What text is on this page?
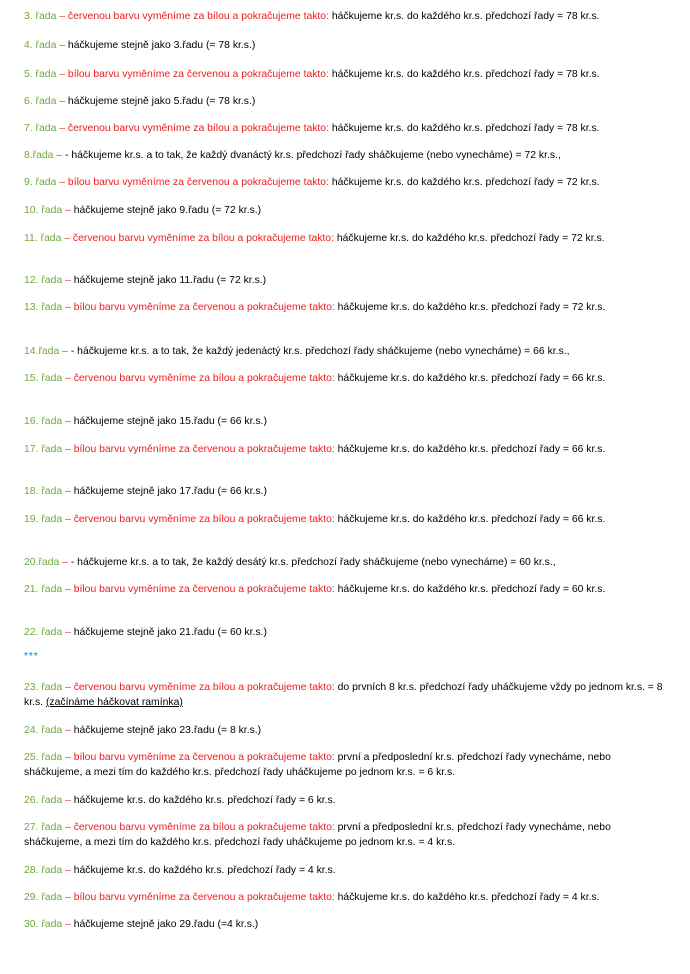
3. řada – červenou barvu vyměníme za bílou a pokračujeme takto: háčkujeme kr.s. do každého kr.s. předchozí řady = 78 kr.s.

4. řada – háčkujeme stejně jako 3.řadu (= 78 kr.s.)

5. řada – bílou barvu vyměníme za červenou a pokračujeme takto: háčkujeme kr.s. do každého kr.s. předchozí řady = 78 kr.s.

6. řada – háčkujeme stejně jako 5.řadu (= 78 kr.s.)

7. řada – červenou barvu vyměníme za bílou a pokračujeme takto: háčkujeme kr.s. do každého kr.s. předchozí řady = 78 kr.s.

8.řada – - háčkujeme kr.s. a to tak, že každý dvanáctý kr.s. předchozí řady sháčkujeme (nebo vynecháme) = 72 kr.s.,

9. řada – bílou barvu vyměníme za červenou a pokračujeme takto: háčkujeme kr.s. do každého kr.s. předchozí řady = 72 kr.s.

10. řada – háčkujeme stejně jako 9.řadu (= 72 kr.s.)

11. řada – červenou barvu vyměníme za bílou a pokračujeme takto: háčkujeme kr.s. do každého kr.s. předchozí řady = 72 kr.s.

12. řada – háčkujeme stejně jako 11.řadu (= 72 kr.s.)

13. řada – bílou barvu vyměníme za červenou a pokračujeme takto: háčkujeme kr.s. do každého kr.s. předchozí řady = 72 kr.s.

14.řada – - háčkujeme kr.s. a to tak, že každý jedenáctý kr.s. předchozí řady sháčkujeme (nebo vynecháme) = 66 kr.s.,

15. řada – červenou barvu vyměníme za bílou a pokračujeme takto: háčkujeme kr.s. do každého kr.s. předchozí řady = 66 kr.s.

16. řada – háčkujeme stejně jako 15.řadu (= 66 kr.s.)

17. řada – bílou barvu vyměníme za červenou a pokračujeme takto: háčkujeme kr.s. do každého kr.s. předchozí řady = 66 kr.s.

18. řada – háčkujeme stejně jako 17.řadu (= 66 kr.s.)

19. řada – červenou barvu vyměníme za bílou a pokračujeme takto: háčkujeme kr.s. do každého kr.s. předchozí řady = 66 kr.s.

20.řada – - háčkujeme kr.s. a to tak, že každý desátý kr.s. předchozí řady sháčkujeme (nebo vynecháme) = 60 kr.s.,

21. řada – bílou barvu vyměníme za červenou a pokračujeme takto: háčkujeme kr.s. do každého kr.s. předchozí řady = 60 kr.s.

22. řada – háčkujeme stejně jako 21.řadu (= 60 kr.s.)

***

23. řada – červenou barvu vyměníme za bílou a pokračujeme takto: do prvních 8 kr.s. předchozí řady uháčkujeme vždy po jednom kr.s. = 8 kr.s. (začínáme háčkovat ramínka)

24. řada – háčkujeme stejně jako 23.řadu (= 8 kr.s.)

25. řada – bílou barvu vyměníme za červenou a pokračujeme takto: první a předposlední kr.s. předchozí řady vynecháme, nebo sháčkujeme, a mezi tím do každého kr.s. předchozí řady uháčkujeme po jednom kr.s. = 6 kr.s.

26. řada – háčkujeme kr.s. do každého kr.s. předchozí řady = 6 kr.s.

27. řada – červenou barvu vyměníme za bílou a pokračujeme takto: první a předposlední kr.s. předchozí řady vynecháme, nebo sháčkujeme, a mezi tím do každého kr.s. předchozí řady uháčkujeme po jednom kr.s. = 4 kr.s.

28. řada – háčkujeme kr.s. do každého kr.s. předchozí řady = 4 kr.s.

29. řada – bílou barvu vyměníme za červenou a pokračujeme takto: háčkujeme kr.s. do každého kr.s. předchozí řady = 4 kr.s.

30. řada – háčkujeme stejně jako 29.řadu (=4 kr.s.)
